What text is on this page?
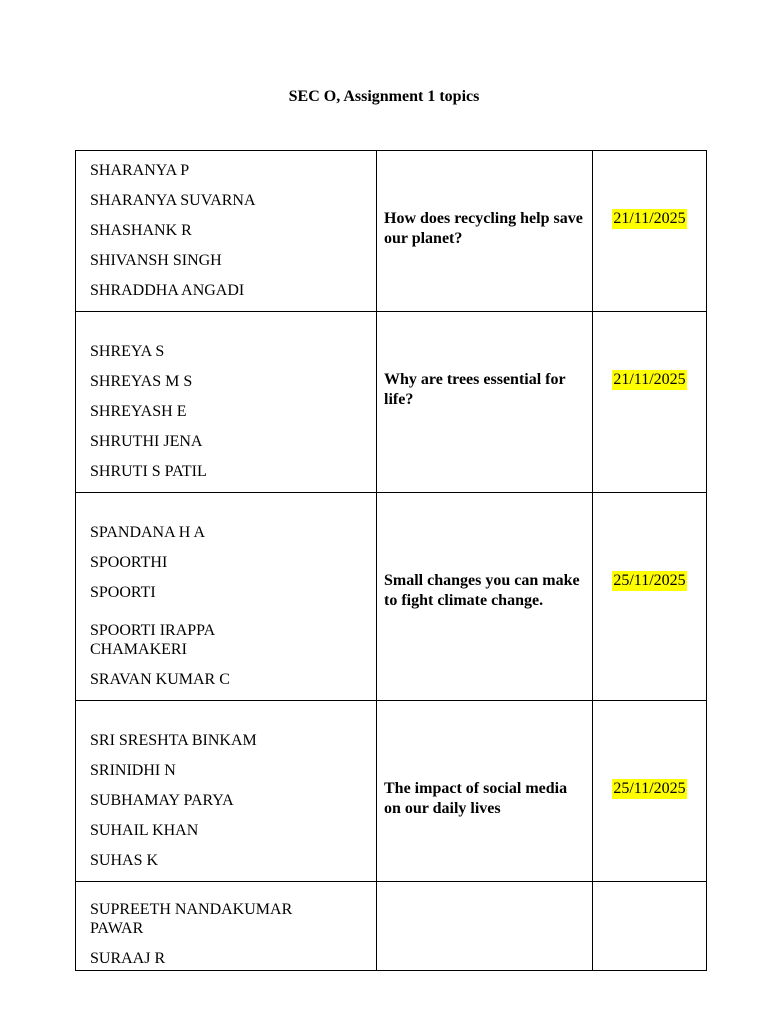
SEC O, Assignment 1 topics
SHARANYA P
SHARANYA SUVARNA
SHASHANK R
SHIVANSH SINGH
SHRADDHA ANGADI	How does recycling help save our planet?	21/11/2025

SHREYA S
SHREYAS M S
SHREYASH E
SHRUTHI JENA
SHRUTI S PATIL	Why are trees essential for life?	21/11/2025

SPANDANA H A
SPOORTHI
SPOORTI
SPOORTI IRAPPA CHAMAKERI
SRAVAN KUMAR C	Small changes you can make to fight climate change.	25/11/2025

SRI SRESHTA BINKAM
SRINIDHI N
SUBHAMAY PARYA
SUHAIL KHAN
SUHAS K	The impact of social media on our daily lives	25/11/2025

SUPREETH NANDAKUMAR PAWAR
SURAAJ R		
